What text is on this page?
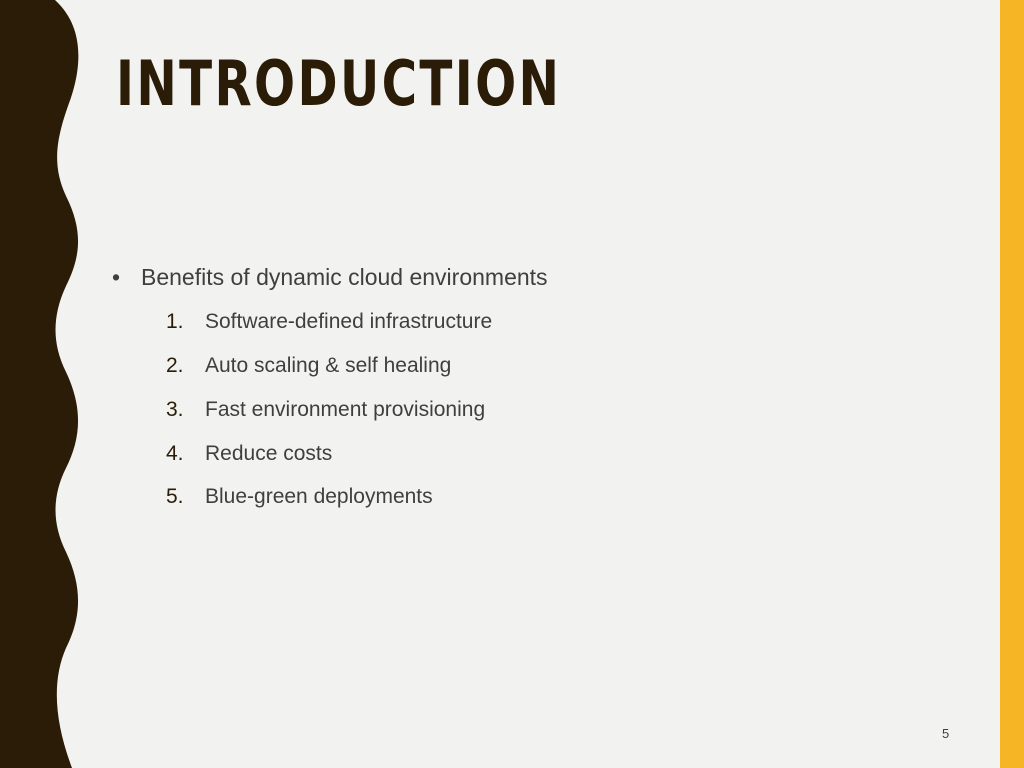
INTRODUCTION
• Benefits of dynamic cloud environments
1.	Software-defined infrastructure
2.	Auto scaling & self healing
3.	Fast environment provisioning
4.	Reduce costs
5.	Blue-green deployments
5
